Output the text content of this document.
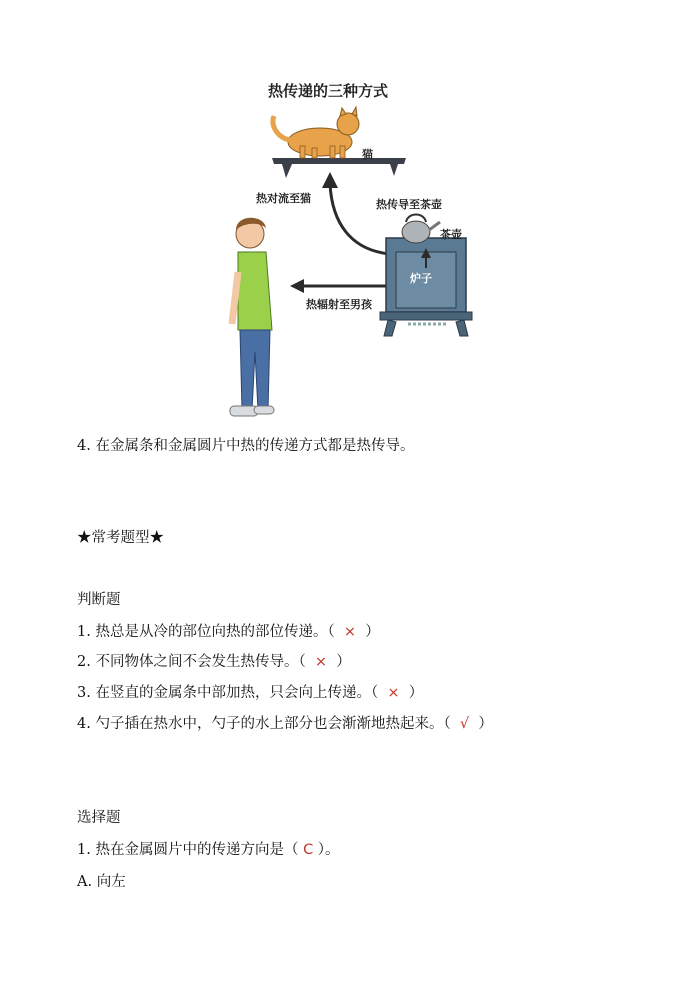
热传递的三种方式
猫
热对流至猫	热传导至茶壶
茶壶
炉子
热辐射至男孩
4. 在金属条和金属圆片中热的传递方式都是热传导。
★常考题型★
判断题
1. 热总是从冷的部位向热的部位传递。（ × ）
2. 不同物体之间不会发生热传导。（ × ）
3. 在竖直的金属条中部加热，只会向上传递。（ × ）
4. 勺子插在热水中，勺子的水上部分也会渐渐地热起来。（ √ ）
选择题
1. 热在金属圆片中的传递方向是（ C ）。
A. 向左
